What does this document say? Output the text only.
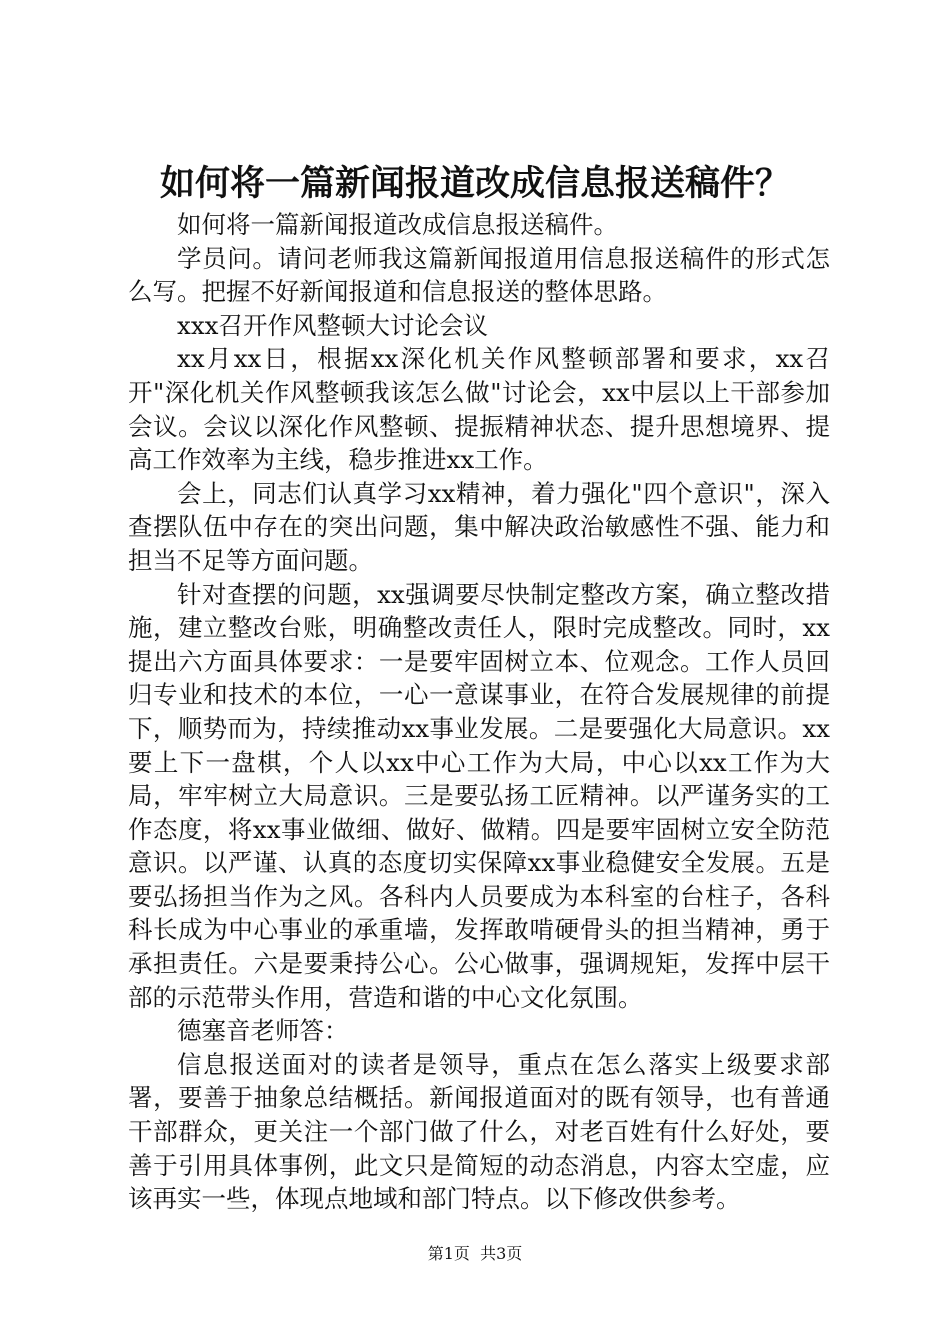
如何将一篇新闻报道改成信息报送稿件？

如何将一篇新闻报道改成信息报送稿件。

学员问。请问老师我这篇新闻报道用信息报送稿件的形式怎么写。把握不好新闻报道和信息报送的整体思路。

xxx召开作风整顿大讨论会议

xx月xx日，根据xx深化机关作风整顿部署和要求，xx召开"深化机关作风整顿我该怎么做"讨论会，xx中层以上干部参加会议。会议以深化作风整顿、提振精神状态、提升思想境界、提高工作效率为主线，稳步推进xx工作。

会上，同志们认真学习xx精神，着力强化"四个意识"，深入查摆队伍中存在的突出问题，集中解决政治敏感性不强、能力和担当不足等方面问题。

针对查摆的问题，xx强调要尽快制定整改方案，确立整改措施，建立整改台账，明确整改责任人，限时完成整改。同时，xx提出六方面具体要求：一是要牢固树立本、位观念。工作人员回归专业和技术的本位，一心一意谋事业，在符合发展规律的前提下，顺势而为，持续推动xx事业发展。二是要强化大局意识。xx要上下一盘棋，个人以xx中心工作为大局，中心以xx工作为大局，牢牢树立大局意识。三是要弘扬工匠精神。以严谨务实的工作态度，将xx事业做细、做好、做精。四是要牢固树立安全防范意识。以严谨、认真的态度切实保障xx事业稳健安全发展。五是要弘扬担当作为之风。各科内人员要成为本科室的台柱子，各科科长成为中心事业的承重墙，发挥敢啃硬骨头的担当精神，勇于承担责任。六是要秉持公心。公心做事，强调规矩，发挥中层干部的示范带头作用，营造和谐的中心文化氛围。

德塞音老师答：

信息报送面对的读者是领导，重点在怎么落实上级要求部署，要善于抽象总结概括。新闻报道面对的既有领导，也有普通干部群众，更关注一个部门做了什么，对老百姓有什么好处，要善于引用具体事例，此文只是简短的动态消息，内容太空虚，应该再实一些，体现点地域和部门特点。以下修改供参考。

第1页  共3页
